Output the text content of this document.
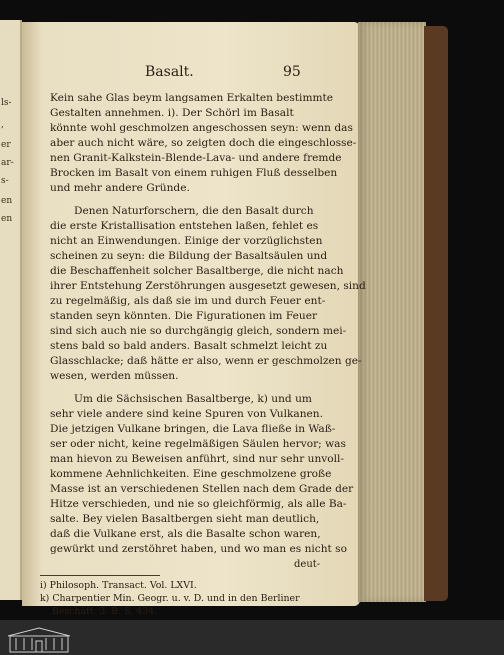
ls-
,
er
ar-
s-
en
en
Basalt.	95
Kein sahe Glas beym langsamen Erkalten bestimmte
Gestalten annehmen. i). Der Schörl im Basalt
könnte wohl geschmolzen angeschossen seyn: wenn das
aber auch nicht wäre, so zeigten doch die eingeschlosse-
nen Granit-Kalkstein-Blende-Lava- und andere fremde
Brocken im Basalt von einem ruhigen Fluß desselben
und mehr andere Gründe.
Denen Naturforschern, die den Basalt durch
die erste Kristallisation entstehen laßen, fehlet es
nicht an Einwendungen. Einige der vorzüglichsten
scheinen zu seyn: die Bildung der Basaltsäulen und
die Beschaffenheit solcher Basaltberge, die nicht nach
ihrer Entstehung Zerstöhrungen ausgesetzt gewesen, sind
zu regelmäßig, als daß sie im und durch Feuer ent-
standen seyn könnten. Die Figurationen im Feuer
sind sich auch nie so durchgängig gleich, sondern mei-
stens bald so bald anders. Basalt schmelzt leicht zu
Glasschlacke; daß hätte er also, wenn er geschmolzen ge-
wesen, werden müssen.
Um die Sächsischen Basaltberge, k) und um
sehr viele andere sind keine Spuren von Vulkanen.
Die jetzigen Vulkane bringen, die Lava fließe in Waß-
ser oder nicht, keine regelmäßigen Säulen hervor; was
man hievon zu Beweisen anführt, sind nur sehr unvoll-
kommene Aehnlichkeiten. Eine geschmolzene große
Masse ist an verschiedenen Stellen nach dem Grade der
Hitze verschieden, und nie so gleichförmig, als alle Ba-
salte. Bey vielen Basaltbergen sieht man deutlich,
daß die Vulkane erst, als die Basalte schon waren,
gewürkt und zerstöhret haben, und wo man es nicht so
deut-
i) Philosoph. Transact. Vol. LXVI.
k) Charpentier Min. Geogr. u. v. D. und in den Berliner
Beschäft. 3. B. S. 434.
